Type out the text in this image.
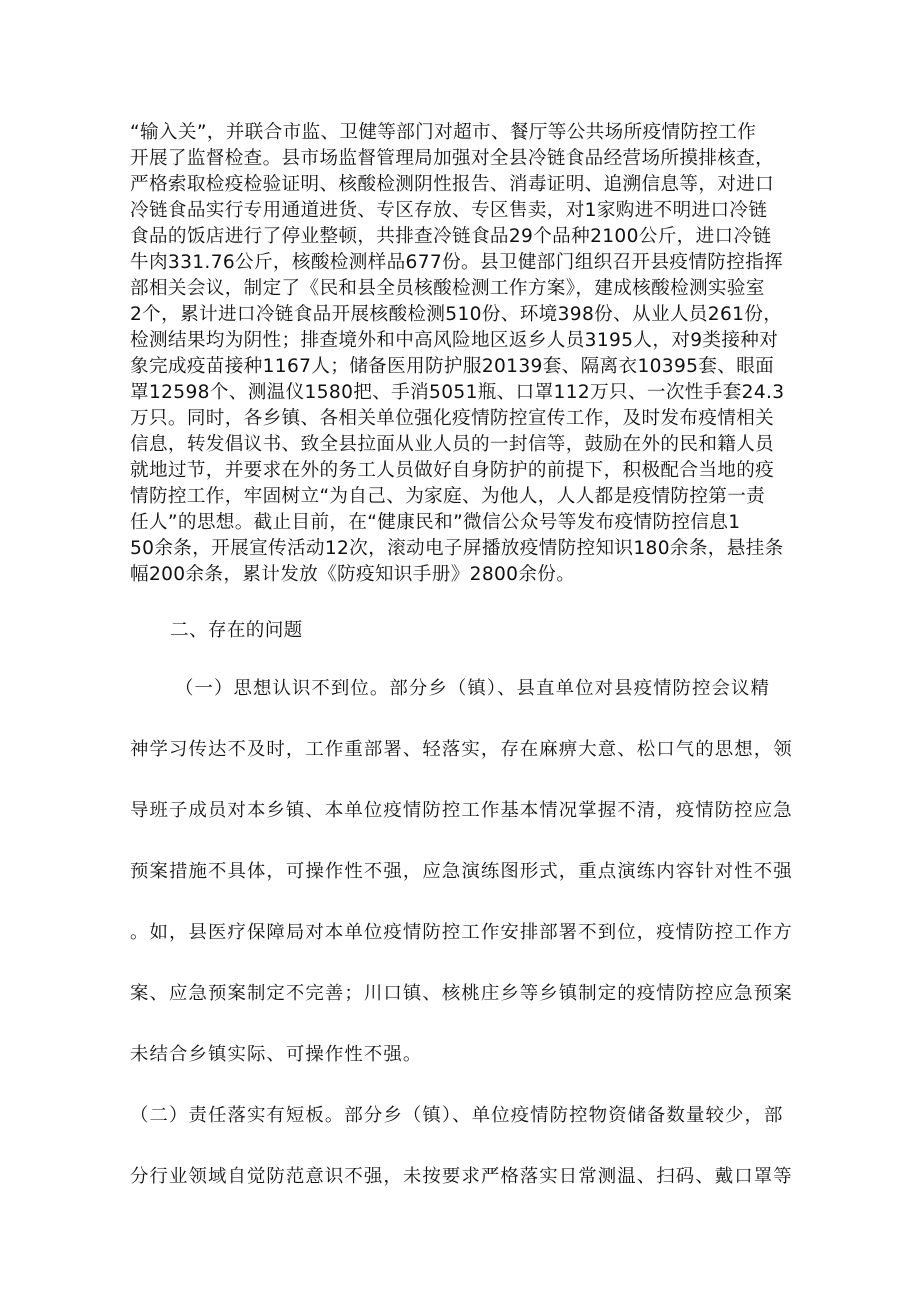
“输入关”，并联合市监、卫健等部门对超市、餐厅等公共场所疫情防控工作

开展了监督检查。县市场监督管理局加强对全县冷链食品经营场所摸排核查，

严格索取检疫检验证明、核酸检测阴性报告、消毒证明、追溯信息等，对进口

冷链食品实行专用通道进货、专区存放、专区售卖，对1家购进不明进口冷链

食品的饭店进行了停业整顿，共排查冷链食品29个品种2100公斤，进口冷链

牛肉331.76公斤，核酸检测样品677份。县卫健部门组织召开县疫情防控指挥

部相关会议，制定了《民和县全员核酸检测工作方案》，建成核酸检测实验室

2个，累计进口冷链食品开展核酸检测510份、环境398份、从业人员261份，

检测结果均为阴性；排查境外和中高风险地区返乡人员3195人，对9类接种对

象完成疫苗接种1167人；储备医用防护服20139套、隔离衣10395套、眼面

罩12598个、测温仪1580把、手消5051瓶、口罩112万只、一次性手套24.3

万只。同时，各乡镇、各相关单位强化疫情防控宣传工作，及时发布疫情相关

信息，转发倡议书、致全县拉面从业人员的一封信等，鼓励在外的民和籍人员

就地过节，并要求在外的务工人员做好自身防护的前提下，积极配合当地的疫

情防控工作，牢固树立“为自己、为家庭、为他人，人人都是疫情防控第一责

任人”的思想。截止目前，在“健康民和”微信公众号等发布疫情防控信息1

50余条，开展宣传活动12次，滚动电子屏播放疫情防控知识180余条，悬挂条

幅200余条，累计发放《防疫知识手册》2800余份。

二、存在的问题

（一）思想认识不到位。部分乡（镇）、县直单位对县疫情防控会议精

神学习传达不及时，工作重部署、轻落实，存在麻痹大意、松口气的思想，领

导班子成员对本乡镇、本单位疫情防控工作基本情况掌握不清，疫情防控应急

预案措施不具体，可操作性不强，应急演练图形式，重点演练内容针对性不强

。如，县医疗保障局对本单位疫情防控工作安排部署不到位，疫情防控工作方

案、应急预案制定不完善；川口镇、核桃庄乡等乡镇制定的疫情防控应急预案

未结合乡镇实际、可操作性不强。

（二）责任落实有短板。部分乡（镇）、单位疫情防控物资储备数量较少，部

分行业领域自觉防范意识不强，未按要求严格落实日常测温、扫码、戴口罩等
